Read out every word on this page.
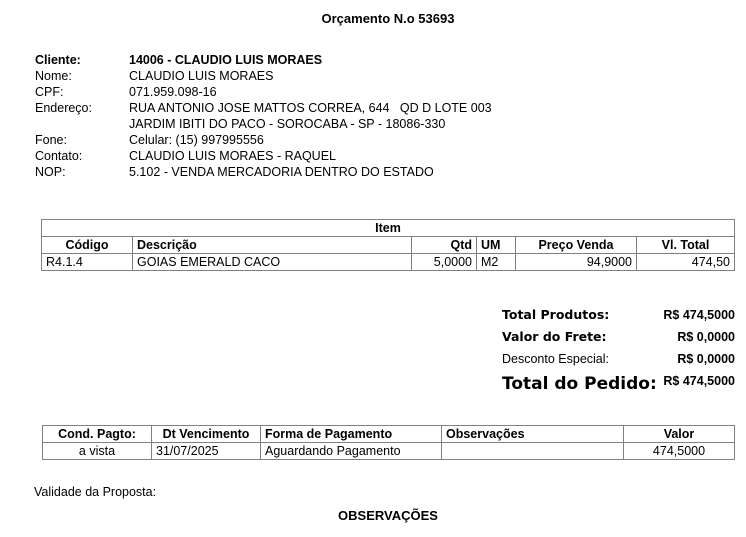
Orçamento N.o 53693
Cliente:	14006 - CLAUDIO LUIS MORAES
Nome:	CLAUDIO LUIS MORAES
CPF:	071.959.098-16
Endereço:	RUA ANTONIO JOSE MATTOS CORREA, 644   QD D LOTE 003
JARDIM IBITI DO PACO - SOROCABA - SP - 18086-330
Fone:	Celular: (15) 997995556
Contato:	CLAUDIO LUIS MORAES - RAQUEL
NOP:	5.102 - VENDA MERCADORIA DENTRO DO ESTADO
Item					
Código	Descrição	Qtd	UM	Preço Venda	Vl. Total
R4.1.4	GOIAS EMERALD CACO	5,0000	M2	94,9000	474,50
Total Produtos:	R$ 474,5000
Valor do Frete:	R$ 0,0000
Desconto Especial:	R$ 0,0000
Total do Pedido: R$ 474,5000
Cond. Pagto:	Dt Vencimento	Forma de Pagamento	Observações	Valor
a vista	31/07/2025	Aguardando Pagamento		474,5000
Validade da Proposta:
OBSERVAÇÕES
